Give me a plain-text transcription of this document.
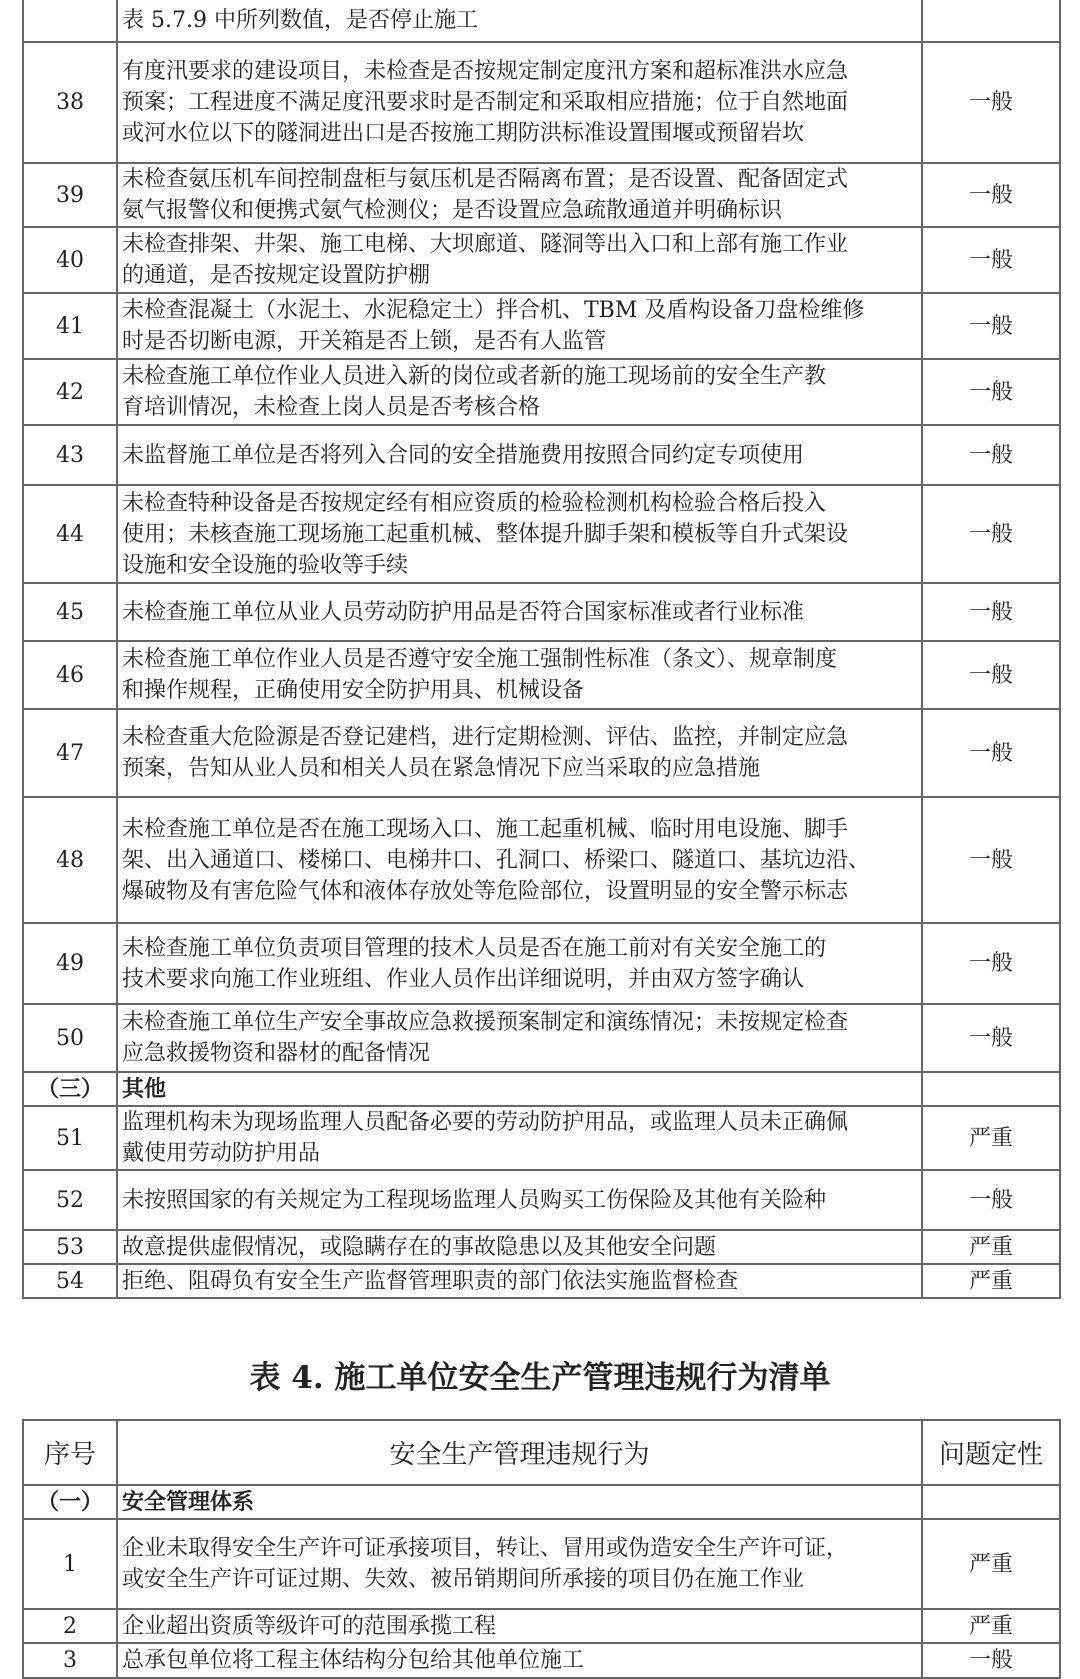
	表 5.7.9 中所列数值，是否停止施工	

38	有度汛要求的建设项目，未检查是否按规定制定度汛方案和超标准洪水应急
预案；工程进度不满足度汛要求时是否制定和采取相应措施；位于自然地面
或河水位以下的隧洞进出口是否按施工期防洪标准设置围堰或预留岩坎	一般
39	未检查氨压机车间控制盘柜与氨压机是否隔离布置；是否设置、配备固定式
氨气报警仪和便携式氨气检测仪；是否设置应急疏散通道并明确标识	一般
40	未检查排架、井架、施工电梯、大坝廊道、隧洞等出入口和上部有施工作业
的通道，是否按规定设置防护棚	一般
41	未检查混凝土（水泥土、水泥稳定土）拌合机、TBM 及盾构设备刀盘检维修
时是否切断电源，开关箱是否上锁，是否有人监管	一般
42	未检查施工单位作业人员进入新的岗位或者新的施工现场前的安全生产教
育培训情况，未检查上岗人员是否考核合格	一般
43	未监督施工单位是否将列入合同的安全措施费用按照合同约定专项使用	一般
44	未检查特种设备是否按规定经有相应资质的检验检测机构检验合格后投入
使用；未核查施工现场施工起重机械、整体提升脚手架和模板等自升式架设
设施和安全设施的验收等手续	一般
45	未检查施工单位从业人员劳动防护用品是否符合国家标准或者行业标准	一般
46	未检查施工单位作业人员是否遵守安全施工强制性标准（条文）、规章制度
和操作规程，正确使用安全防护用具、机械设备	一般
47	未检查重大危险源是否登记建档，进行定期检测、评估、监控，并制定应急
预案，告知从业人员和相关人员在紧急情况下应当采取的应急措施	一般
48	未检查施工单位是否在施工现场入口、施工起重机械、临时用电设施、脚手
架、出入通道口、楼梯口、电梯井口、孔洞口、桥梁口、隧道口、基坑边沿、
爆破物及有害危险气体和液体存放处等危险部位，设置明显的安全警示标志	一般
49	未检查施工单位负责项目管理的技术人员是否在施工前对有关安全施工的
技术要求向施工作业班组、作业人员作出详细说明，并由双方签字确认	一般
50	未检查施工单位生产安全事故应急救援预案制定和演练情况；未按规定检查
应急救援物资和器材的配备情况	一般
（三）	其他	

51	监理机构未为现场监理人员配备必要的劳动防护用品，或监理人员未正确佩
戴使用劳动防护用品	严重
52	未按照国家的有关规定为工程现场监理人员购买工伤保险及其他有关险种	一般
53	故意提供虚假情况，或隐瞒存在的事故隐患以及其他安全问题	严重
54	拒绝、阻碍负有安全生产监督管理职责的部门依法实施监督检查	严重
表 4. 施工单位安全生产管理违规行为清单
序号	安全生产管理违规行为	问题定性
（一）	安全管理体系	

1	企业未取得安全生产许可证承接项目，转让、冒用或伪造安全生产许可证，
或安全生产许可证过期、失效、被吊销期间所承接的项目仍在施工作业	严重
2	企业超出资质等级许可的范围承揽工程	严重
3	总承包单位将工程主体结构分包给其他单位施工	一般
